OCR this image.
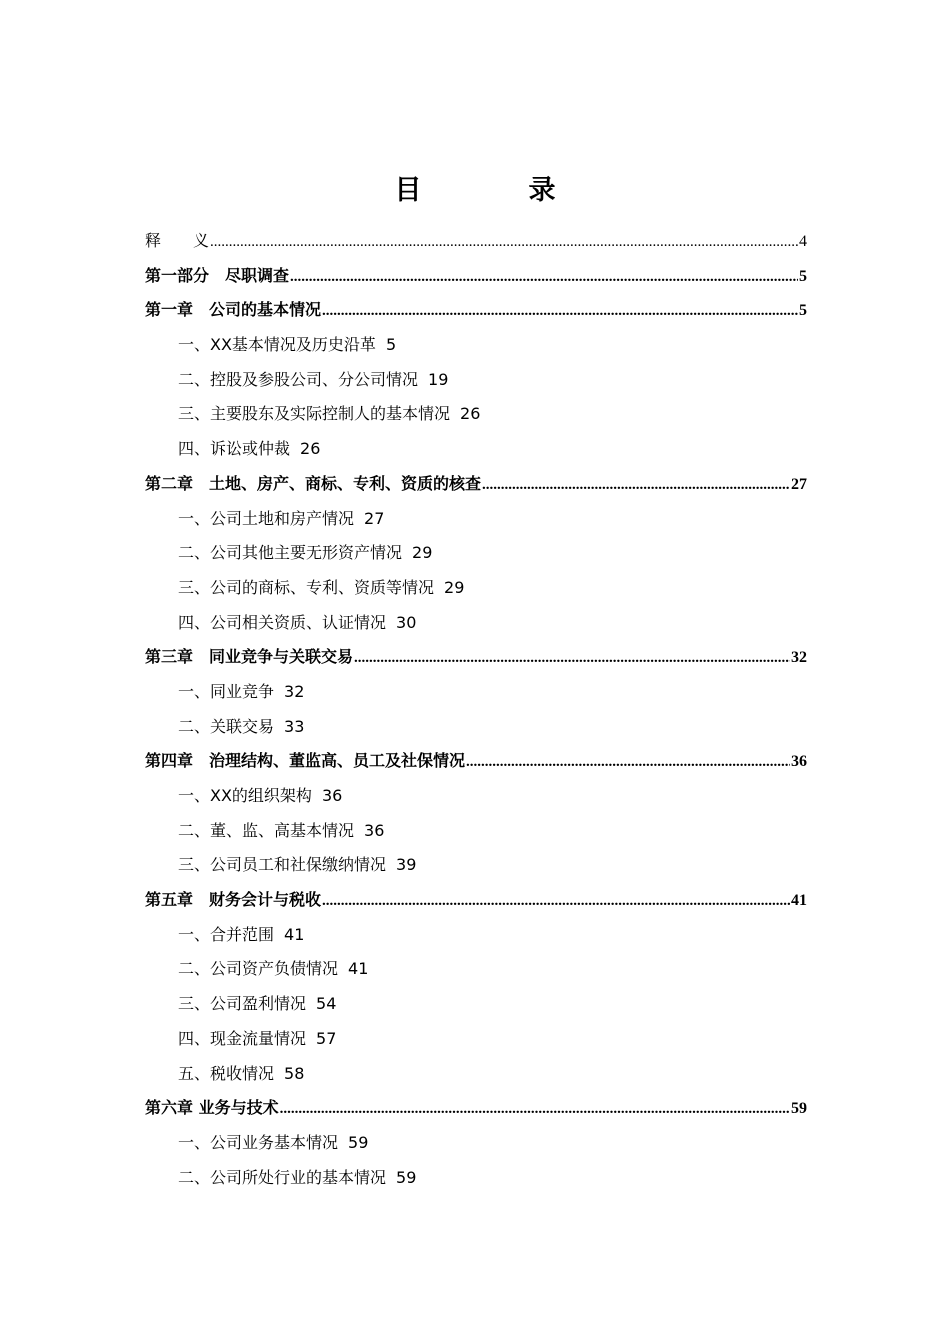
目　录
释　　义 .....	4
第一部分　尽职调查 .....	5
第一章　公司的基本情况 .....	5
一、XX基本情况及历史沿革 5
二、控股及参股公司、分公司情况 19
三、主要股东及实际控制人的基本情况 26
四、诉讼或仲裁 26
第二章　土地、房产、商标、专利、资质的核查 .....	27
一、公司土地和房产情况 27
二、公司其他主要无形资产情况 29
三、公司的商标、专利、资质等情况 29
四、公司相关资质、认证情况 30
第三章　同业竞争与关联交易 .....	32
一、同业竞争 32
二、关联交易 33
第四章　治理结构、董监高、员工及社保情况 .....	36
一、XX的组织架构 36
二、董、监、高基本情况 36
三、公司员工和社保缴纳情况 39
第五章　财务会计与税收 .....	41
一、合并范围 41
二、公司资产负债情况 41
三、公司盈利情况 54
四、现金流量情况 57
五、税收情况 58
第六章 业务与技术 .....	59
一、公司业务基本情况 59
二、公司所处行业的基本情况 59
